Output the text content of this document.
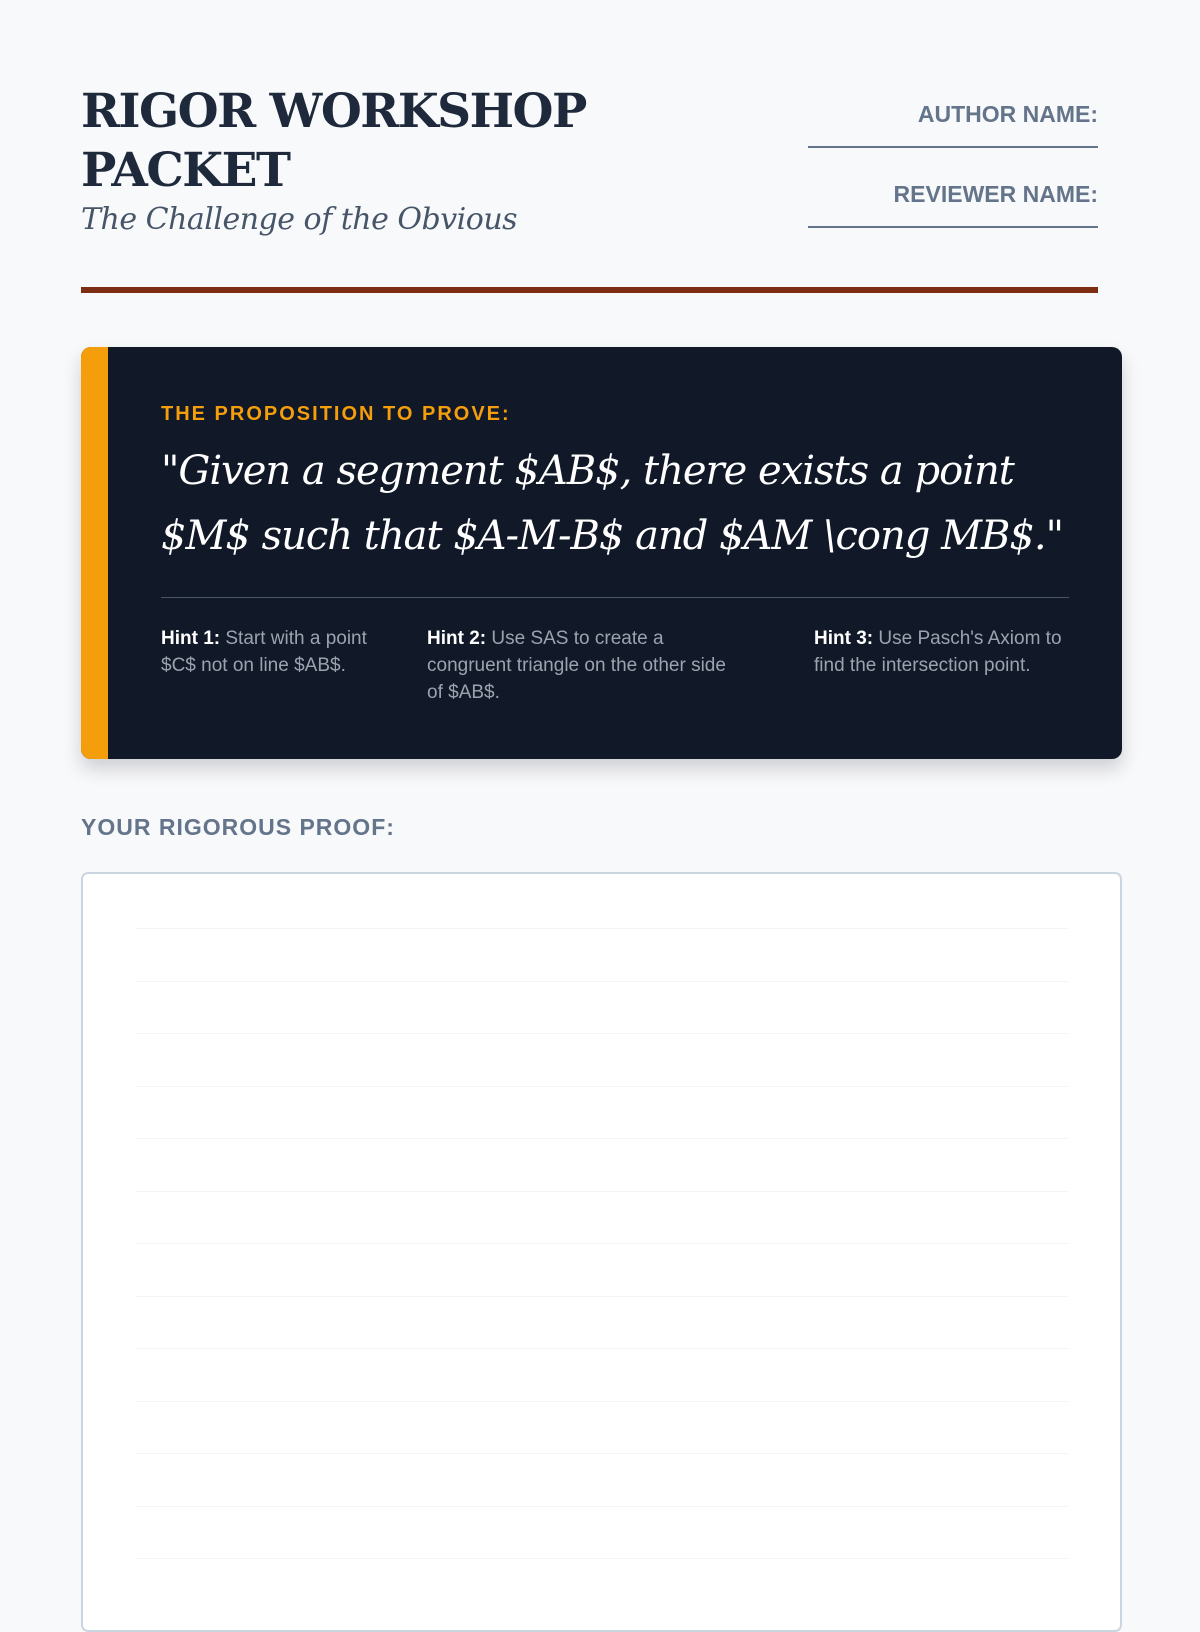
RIGOR WORKSHOP PACKET
The Challenge of the Obvious
AUTHOR NAME:
REVIEWER NAME:
THE PROPOSITION TO PROVE:

"Given a segment $AB$, there exists a point $M$ such that $A-M-B$ and $AM \cong MB$."

Hint 1: Start with a point $C$ not on line $AB$.
Hint 2: Use SAS to create a congruent triangle on the other side of $AB$.
Hint 3: Use Pasch's Axiom to find the intersection point.
YOUR RIGOROUS PROOF:
